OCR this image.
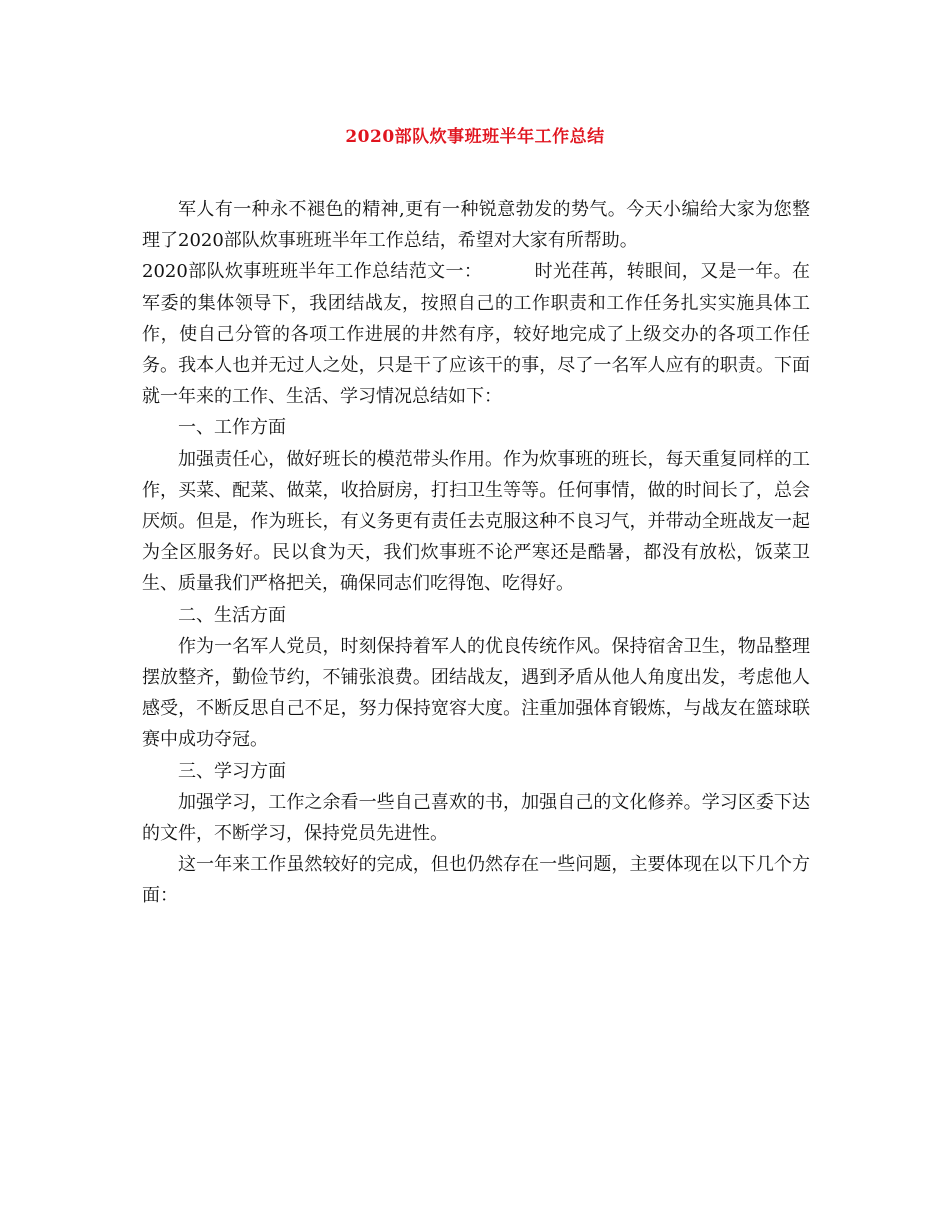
2020部队炊事班班半年工作总结

军人有一种永不褪色的精神,更有一种锐意勃发的势气。今天小编给大家为您整理了2020部队炊事班班半年工作总结，希望对大家有所帮助。

2020部队炊事班班半年工作总结范文一：	时光荏苒，转眼间，又是一年。在军委的集体领导下，我团结战友，按照自己的工作职责和工作任务扎实实施具体工作，使自己分管的各项工作进展的井然有序，较好地完成了上级交办的各项工作任务。我本人也并无过人之处，只是干了应该干的事，尽了一名军人应有的职责。下面就一年来的工作、生活、学习情况总结如下：

一、工作方面

加强责任心，做好班长的模范带头作用。作为炊事班的班长，每天重复同样的工作，买菜、配菜、做菜，收拾厨房，打扫卫生等等。任何事情，做的时间长了，总会厌烦。但是，作为班长，有义务更有责任去克服这种不良习气，并带动全班战友一起为全区服务好。民以食为天，我们炊事班不论严寒还是酷暑，都没有放松，饭菜卫生、质量我们严格把关，确保同志们吃得饱、吃得好。

二、生活方面

作为一名军人党员，时刻保持着军人的优良传统作风。保持宿舍卫生，物品整理摆放整齐，勤俭节约，不铺张浪费。团结战友，遇到矛盾从他人角度出发，考虑他人感受，不断反思自己不足，努力保持宽容大度。注重加强体育锻炼，与战友在篮球联赛中成功夺冠。

三、学习方面

加强学习，工作之余看一些自己喜欢的书，加强自己的文化修养。学习区委下达的文件，不断学习，保持党员先进性。

这一年来工作虽然较好的完成，但也仍然存在一些问题，主要体现在以下几个方面：
